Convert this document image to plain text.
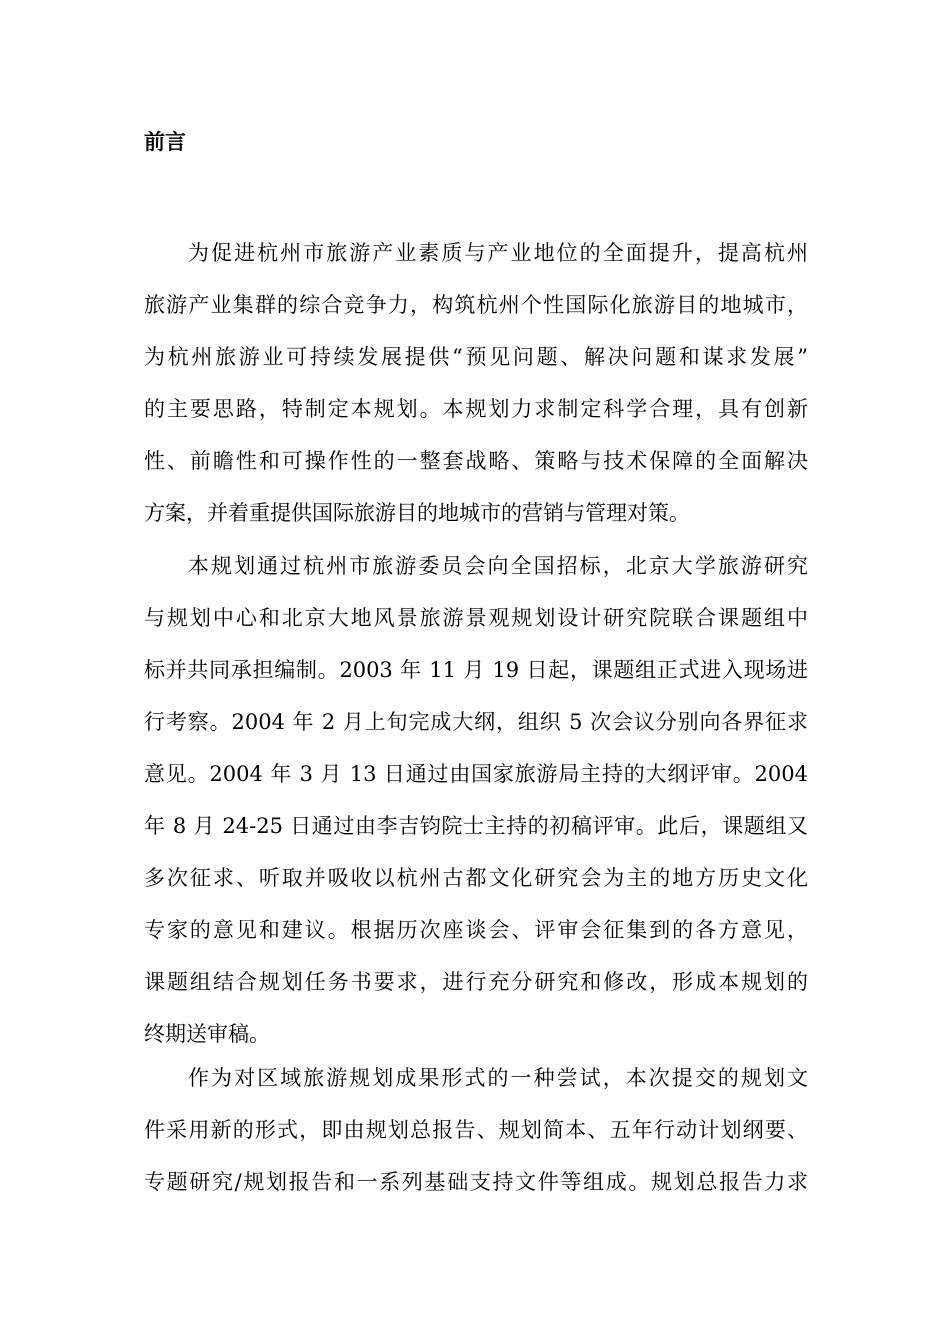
前言
为促进杭州市旅游产业素质与产业地位的全面提升，提高杭州
旅游产业集群的综合竞争力，构筑杭州个性国际化旅游目的地城市，
为杭州旅游业可持续发展提供“预见问题、解决问题和谋求发展”
的主要思路，特制定本规划。本规划力求制定科学合理，具有创新
性、前瞻性和可操作性的一整套战略、策略与技术保障的全面解决
方案，并着重提供国际旅游目的地城市的营销与管理对策。
本规划通过杭州市旅游委员会向全国招标，北京大学旅游研究
与规划中心和北京大地风景旅游景观规划设计研究院联合课题组中
标并共同承担编制。2003 年 11 月 19 日起，课题组正式进入现场进
行考察。2004 年 2 月上旬完成大纲，组织 5 次会议分别向各界征求
意见。2004 年 3 月 13 日通过由国家旅游局主持的大纲评审。2004
年 8 月 24-25 日通过由李吉钧院士主持的初稿评审。此后，课题组又
多次征求、听取并吸收以杭州古都文化研究会为主的地方历史文化
专家的意见和建议。根据历次座谈会、评审会征集到的各方意见，
课题组结合规划任务书要求，进行充分研究和修改，形成本规划的
终期送审稿。
作为对区域旅游规划成果形式的一种尝试，本次提交的规划文
件采用新的形式，即由规划总报告、规划简本、五年行动计划纲要、
专题研究/规划报告和一系列基础支持文件等组成。规划总报告力求
